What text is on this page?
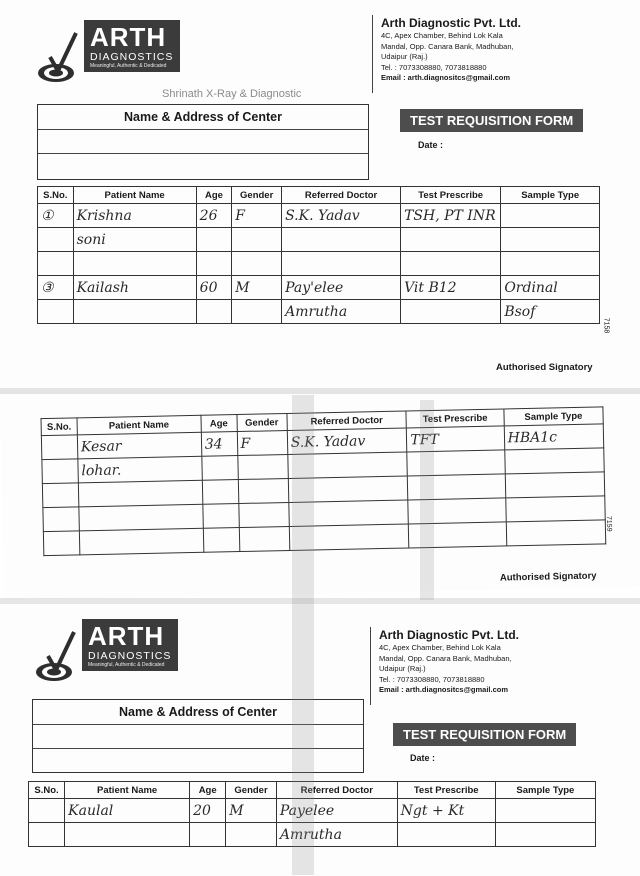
ARTH
DIAGNOSTICS
Meaningful, Authentic & Dedicated
Arth Diagnostic Pvt. Ltd.
4C, Apex Chamber, Behind Lok Kala
Mandal, Opp. Canara Bank, Madhuban,
Udaipur (Raj.)
Tel. : 7073308880, 7073818880
Email : arth.diagnositcs@gmail.com
Shrinath X-Ray & Diagnostic
Name & Address of Center	TEST REQUISITION FORM
Date :
S.No.	Patient Name	Age	Gender	Referred Doctor	Test Prescribe	Sample Type
①	Krishna	26	F	S.K. Yadav	TSH, PT INR	
	soni					

③	Kailash	60	M	Pay'elee	Vit B12	Ordinal
				Amrutha		Bsof
7158
Authorised Signatory
S.No.	Patient Name	Age	Gender	Referred Doctor	Test Prescribe	Sample Type
	Kesar	34	F	S.K. Yadav	TFT	HBA1c
	lohar.					

7159
Authorised Signatory
ARTH
DIAGNOSTICS
Meaningful, Authentic & Dedicated
Arth Diagnostic Pvt. Ltd.
4C, Apex Chamber, Behind Lok Kala
Mandal, Opp. Canara Bank, Madhuban,
Udaipur (Raj.)
Tel. : 7073308880, 7073818880
Email : arth.diagnositcs@gmail.com
Name & Address of Center
TEST REQUISITION FORM
Date :
S.No.	Patient Name	Age	Gender	Referred Doctor	Test Prescribe	Sample Type
	Kaulal	20	M	Payelee	Ngt + Kt	
				Amrutha		
